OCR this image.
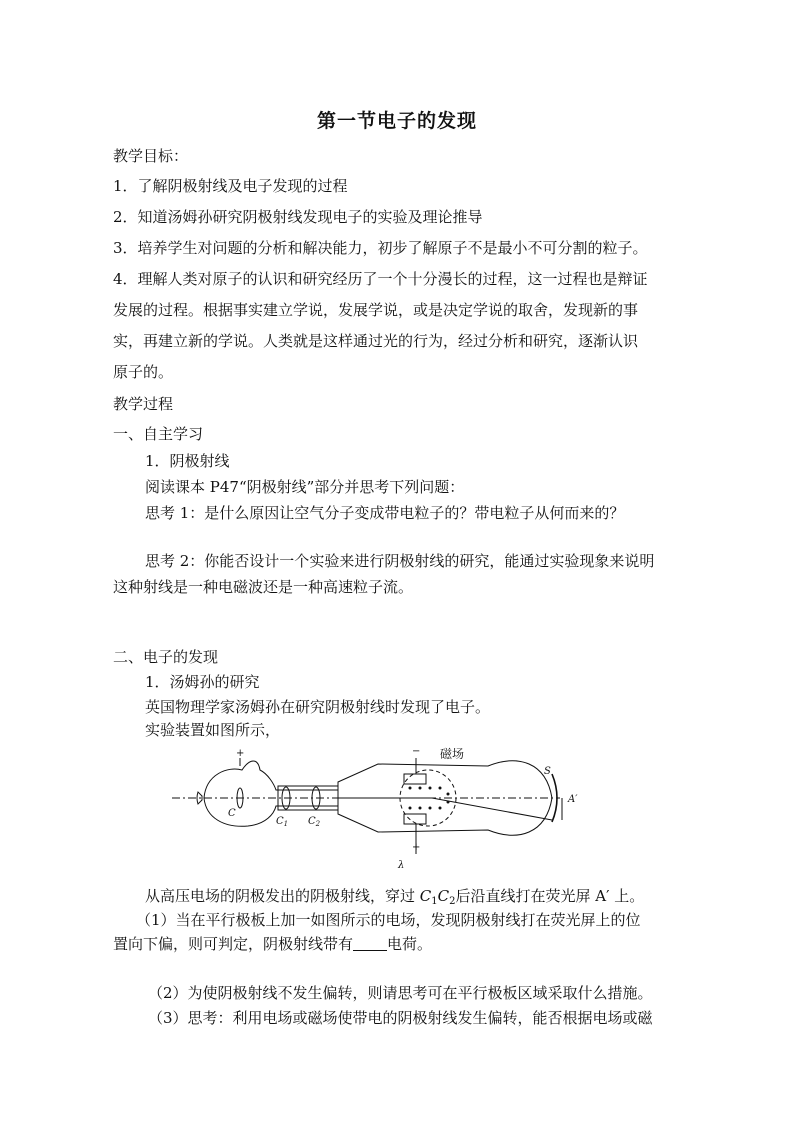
第一节电子的发现
教学目标：
1．了解阴极射线及电子发现的过程
2．知道汤姆孙研究阴极射线发现电子的实验及理论推导
3．培养学生对问题的分析和解决能力，初步了解原子不是最小不可分割的粒子。
4．理解人类对原子的认识和研究经历了一个十分漫长的过程，这一过程也是辩证
发展的过程。根据事实建立学说，发展学说，或是决定学说的取舍，发现新的事
实，再建立新的学说。人类就是这样通过光的行为，经过分析和研究，逐渐认识
原子的。
教学过程
一、自主学习
1．阴极射线
阅读课本 P47“阴极射线”部分并思考下列问题：
思考 1：是什么原因让空气分子变成带电粒子的？带电粒子从何而来的？
思考 2：你能否设计一个实验来进行阴极射线的研究，能通过实验现象来说明
这种射线是一种电磁波还是一种高速粒子流。
二、电子的发现
1．汤姆孙的研究
英国物理学家汤姆孙在研究阴极射线时发现了电子。
实验装置如图所示，
磁场
C
$C_1$ $C_2$
S
A′
+	−
+
λ
从高压电场的阴极发出的阴极射线，穿过 $C_1C_2$后沿直线打在荧光屏 A′ 上。
（1）当在平行极板上加一如图所示的电场，发现阴极射线打在荧光屏上的位
置向下偏，则可判定，阴极射线带有 电荷。
（2）为使阴极射线不发生偏转，则请思考可在平行极板区域采取什么措施。
（3）思考：利用电场或磁场使带电的阴极射线发生偏转，能否根据电场或磁
